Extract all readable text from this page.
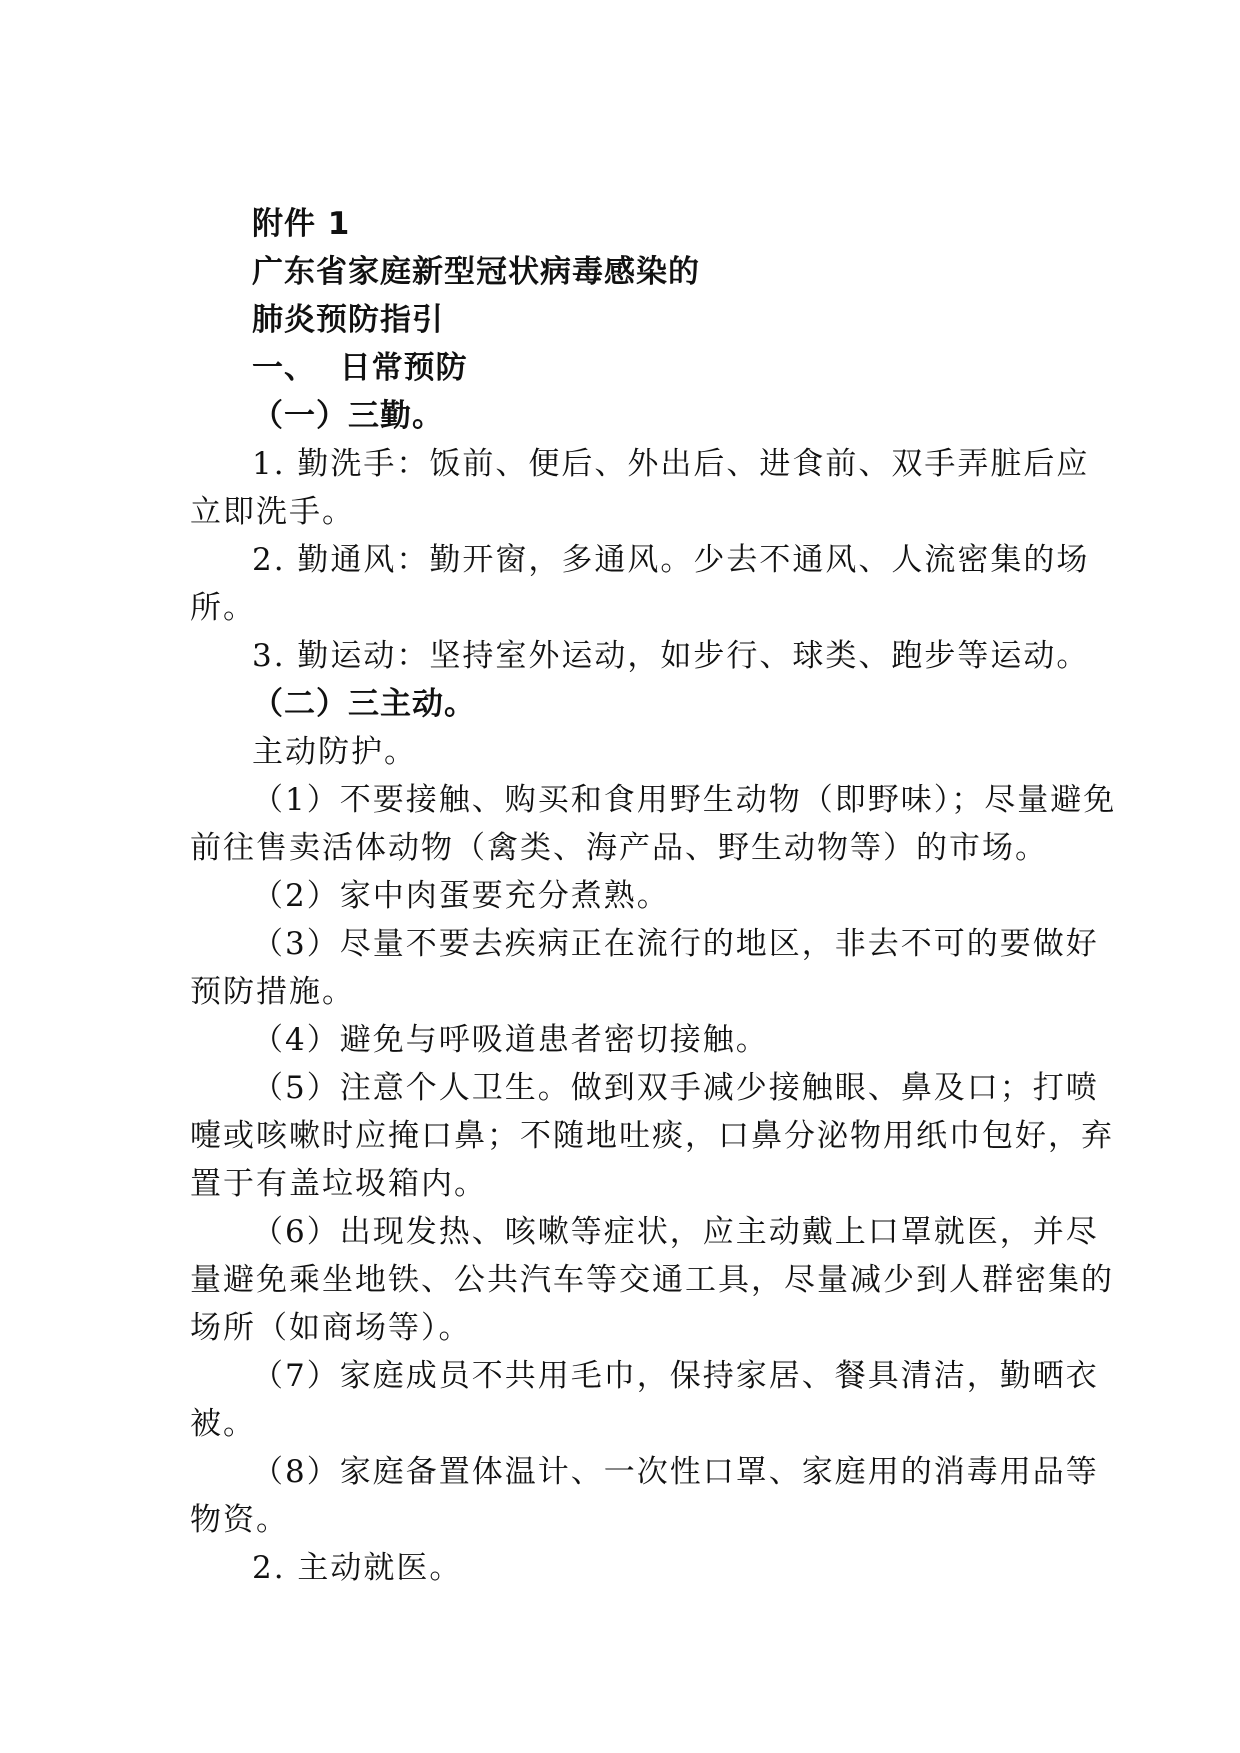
附件 1
广东省家庭新型冠状病毒感染的
肺炎预防指引
一、  日常预防
（一）三勤。
1. 勤洗手：饭前、便后、外出后、进食前、双手弄脏后应
立即洗手。
2. 勤通风：勤开窗，多通风。少去不通风、人流密集的场
所。
3. 勤运动：坚持室外运动，如步行、球类、跑步等运动。
（二）三主动。
主动防护。
（1）不要接触、购买和食用野生动物（即野味）；尽量避免
前往售卖活体动物（禽类、海产品、野生动物等）的市场。
（2）家中肉蛋要充分煮熟。
（3）尽量不要去疾病正在流行的地区，非去不可的要做好
预防措施。
（4）避免与呼吸道患者密切接触。
（5）注意个人卫生。做到双手减少接触眼、鼻及口；打喷
嚏或咳嗽时应掩口鼻；不随地吐痰，口鼻分泌物用纸巾包好，弃
置于有盖垃圾箱内。
（6）出现发热、咳嗽等症状，应主动戴上口罩就医，并尽
量避免乘坐地铁、公共汽车等交通工具，尽量减少到人群密集的
场所（如商场等）。
（7）家庭成员不共用毛巾，保持家居、餐具清洁，勤晒衣
被。
（8）家庭备置体温计、一次性口罩、家庭用的消毒用品等
物资。
2. 主动就医。
